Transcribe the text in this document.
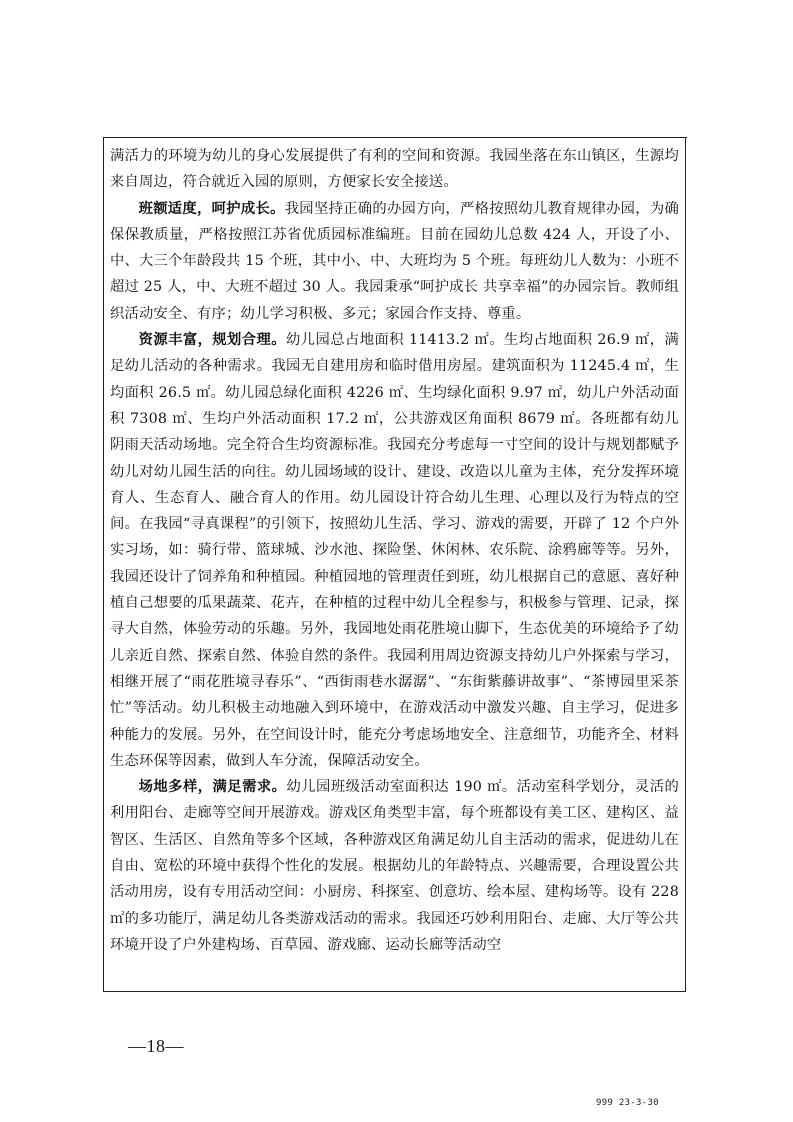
满活力的环境为幼儿的身心发展提供了有利的空间和资源。我园坐落在东山镇区，生源均来自周边，符合就近入园的原则，方便家长安全接送。

班额适度，呵护成长。我园坚持正确的办园方向，严格按照幼儿教育规律办园，为确保保教质量，严格按照江苏省优质园标准编班。目前在园幼儿总数 424 人，开设了小、中、大三个年龄段共 15 个班，其中小、中、大班均为 5 个班。每班幼儿人数为：小班不超过 25 人，中、大班不超过 30 人。我园秉承“呵护成长 共享幸福”的办园宗旨。教师组织活动安全、有序；幼儿学习积极、多元；家园合作支持、尊重。

资源丰富，规划合理。幼儿园总占地面积 11413.2 ㎡。生均占地面积 26.9 ㎡，满足幼儿活动的各种需求。我园无自建用房和临时借用房屋。建筑面积为 11245.4 ㎡，生均面积 26.5 ㎡。幼儿园总绿化面积 4226 ㎡、生均绿化面积 9.97 ㎡，幼儿户外活动面积 7308 ㎡、生均户外活动面积 17.2 ㎡，公共游戏区角面积 8679 ㎡。各班都有幼儿阴雨天活动场地。完全符合生均资源标准。我园充分考虑每一寸空间的设计与规划都赋予幼儿对幼儿园生活的向往。幼儿园场域的设计、建设、改造以儿童为主体，充分发挥环境育人、生态育人、融合育人的作用。幼儿园设计符合幼儿生理、心理以及行为特点的空间。在我园“寻真课程”的引领下，按照幼儿生活、学习、游戏的需要，开辟了 12 个户外实习场，如：骑行带、篮球城、沙水池、探险堡、休闲林、农乐院、涂鸦廊等等。另外，我园还设计了饲养角和种植园。种植园地的管理责任到班，幼儿根据自己的意愿、喜好种植自己想要的瓜果蔬菜、花卉，在种植的过程中幼儿全程参与，积极参与管理、记录，探寻大自然，体验劳动的乐趣。另外，我园地处雨花胜境山脚下，生态优美的环境给予了幼儿亲近自然、探索自然、体验自然的条件。我园利用周边资源支持幼儿户外探索与学习，相继开展了“雨花胜境寻春乐”、“西街雨巷水潺潺”、“东街紫藤讲故事”、“茶博园里采茶忙”等活动。幼儿积极主动地融入到环境中，在游戏活动中激发兴趣、自主学习，促进多种能力的发展。另外，在空间设计时，能充分考虑场地安全、注意细节，功能齐全、材料生态环保等因素，做到人车分流，保障活动安全。

场地多样，满足需求。幼儿园班级活动室面积达 190 ㎡。活动室科学划分，灵活的利用阳台、走廊等空间开展游戏。游戏区角类型丰富，每个班都设有美工区、建构区、益智区、生活区、自然角等多个区域，各种游戏区角满足幼儿自主活动的需求，促进幼儿在自由、宽松的环境中获得个性化的发展。根据幼儿的年龄特点、兴趣需要，合理设置公共活动用房，设有专用活动空间：小厨房、科探室、创意坊、绘本屋、建构场等。设有 228 ㎡的多功能厅，满足幼儿各类游戏活动的需求。我园还巧妙利用阳台、走廊、大厅等公共环境开设了户外建构场、百草园、游戏廊、运动长廊等活动空

—18—
999 23-3-30
